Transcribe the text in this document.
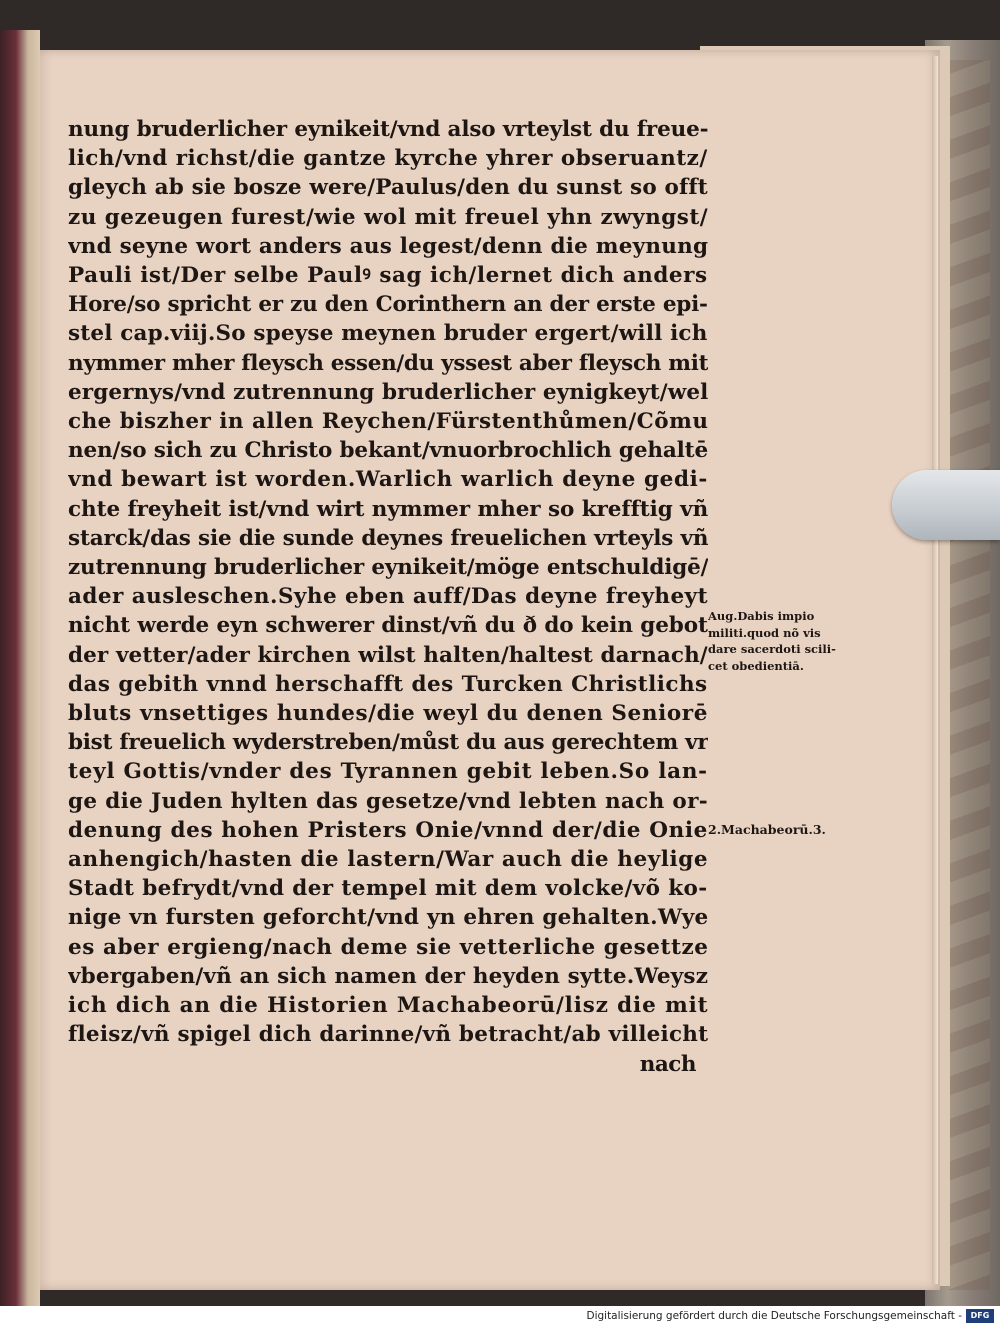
nung bruderlicher eynikeit/vnd also vrteylst du freue-
lich/vnd richst/die gantze kyrche yhrer obseruantz/
gleych ab sie bosze were/Paulus/den du sunst so offt
zu gezeugen furest/wie wol mit freuel yhn zwyngst/
vnd seyne wort anders aus legest/denn die meynung
Pauli ist/Der selbe Paulꝰ sag ich/lernet dich anders
Hore/so spricht er zu den Corinthern an der erste epi-
stel cap.viij.So speyse meynen bruder ergert/will ich
nymmer mher fleysch essen/du yssest aber fleysch mit
ergernys/vnd zutrennung bruderlicher eynigkeyt/wel
che biszher in allen Reychen/Fürstenthůmen/Cõmu
nen/so sich zu Christo bekant/vnuorbrochlich gehaltē
vnd bewart ist worden.Warlich warlich deyne gedi-
chte freyheit ist/vnd wirt nymmer mher so krefftig vñ
starck/das sie die sunde deynes freuelichen vrteyls vñ
zutrennung bruderlicher eynikeit/möge entschuldigē/
ader ausleschen.Syhe eben auff/Das deyne freyheyt
nicht werde eyn schwerer dinst/vñ du ð do kein gebot
der vetter/ader kirchen wilst halten/haltest darnach/
das gebith vnnd herschafft des Turcken Christlichs
bluts vnsettiges hundes/die weyl du denen Seniorē
bist freuelich wyderstreben/můst du aus gerechtem vr
teyl Gottis/vnder des Tyrannen gebit leben.So lan-
ge die Juden hylten das gesetze/vnd lebten nach or-
denung des hohen Pristers Onie/vnnd der/die Onie
anhengich/hasten die lastern/War auch die heylige
Stadt befrydt/vnd der tempel mit dem volcke/võ ko-
nige vn fursten geforcht/vnd yn ehren gehalten.Wye
es aber ergieng/nach deme sie vetterliche gesettze
vbergaben/vñ an sich namen der heyden sytte.Weysz
ich dich an die Historien Machabeorū/lisz die mit
fleisz/vñ spigel dich darinne/vñ betracht/ab villeicht
nach
Aug.Dabis impio
militi.quod nõ vis
dare sacerdoti scili-
cet obedientiā.
2.Machabeorū.3.
Digitalisierung gefördert durch die Deutsche Forschungsgemeinschaft -	DFG
